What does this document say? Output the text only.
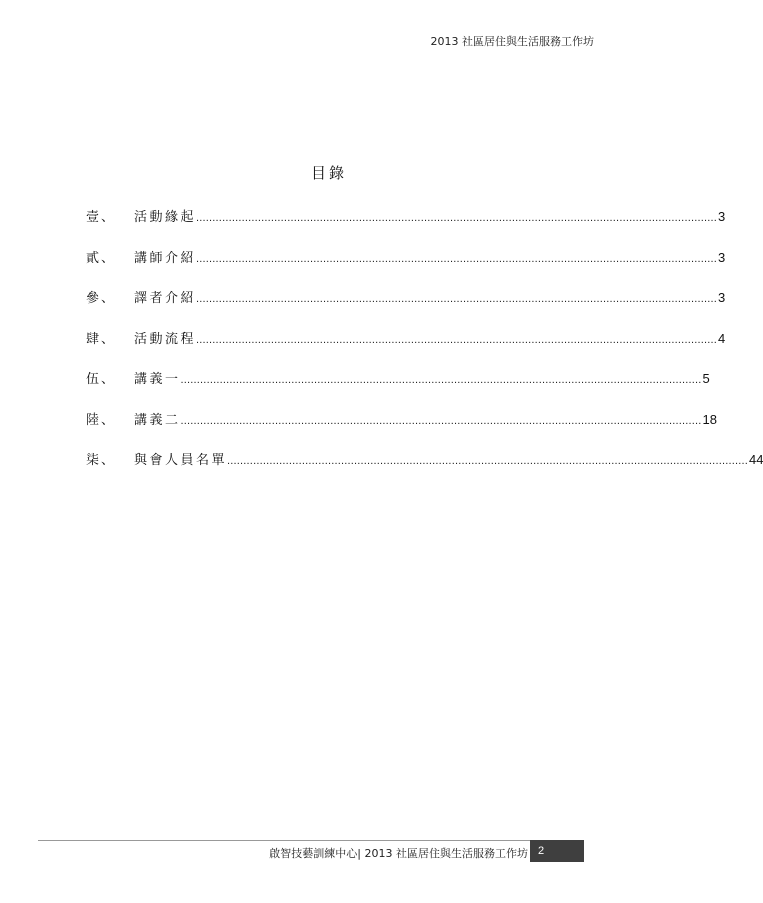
2013 社區居住與生活服務工作坊
目錄
壹、	活動緣起 ................................................................................................................................................................ 3
貳、	講師介紹 ................................................................................................................................................................ 3
參、	譯者介紹 ................................................................................................................................................................ 3
肆、	活動流程 ................................................................................................................................................................ 4
伍、	講義一 ................................................................................................................................................................ 5
陸、	講義二 ................................................................................................................................................................ 18
柒、	與會人員名單 ................................................................................................................................................................ 44
啟智技藝訓練中心| 2013 社區居住與生活服務工作坊 2
